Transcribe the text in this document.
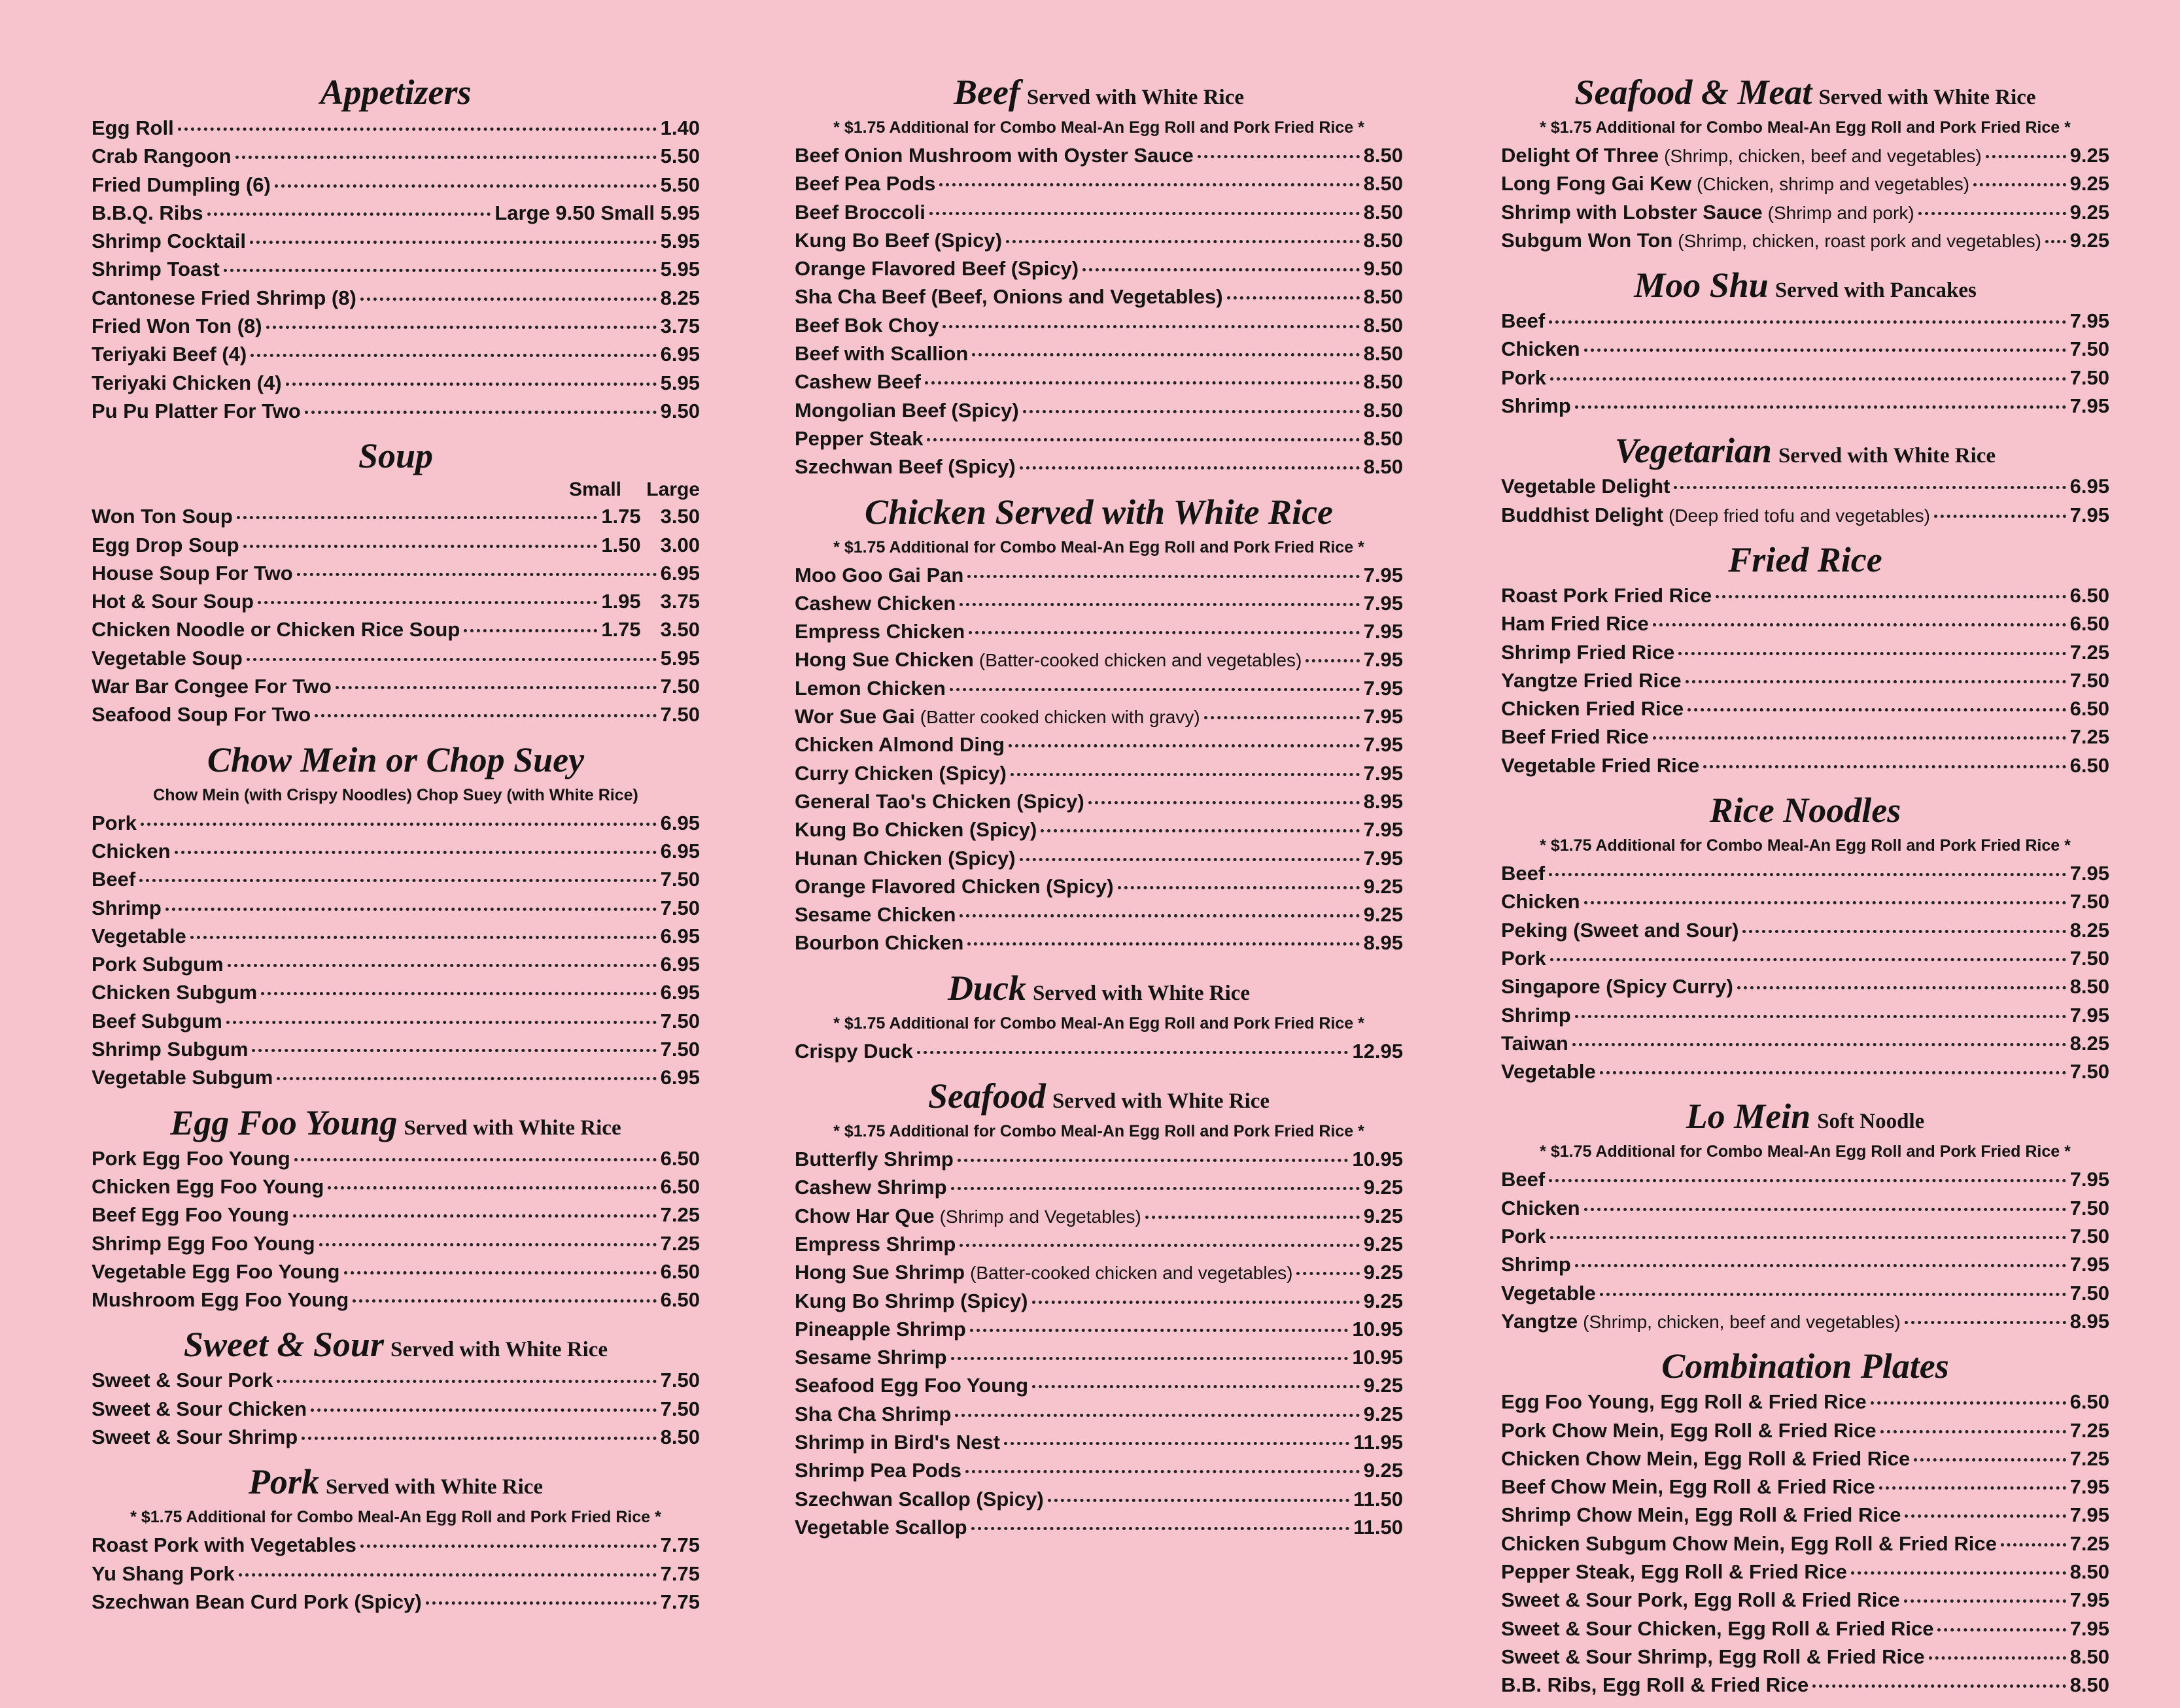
Appetizers
Egg Roll	1.40
Crab Rangoon	5.50
Fried Dumpling (6)	5.50
B.B.Q. Ribs	Large 9.50 Small 5.95
Shrimp Cocktail	5.95
Shrimp Toast	5.95
Cantonese Fried Shrimp (8)	8.25
Fried Won Ton (8)	3.75
Teriyaki Beef (4)	6.95
Teriyaki Chicken (4)	5.95
Pu Pu Platter For Two	9.50
Soup
Small	Large
Won Ton Soup	1.75 3.50
Egg Drop Soup	1.50 3.00
House Soup For Two	6.95
Hot & Sour Soup	1.95 3.75
Chicken Noodle or Chicken Rice Soup	1.75 3.50
Vegetable Soup	5.95
War Bar Congee For Two	7.50
Seafood Soup For Two	7.50
Chow Mein or Chop Suey
Chow Mein (with Crispy Noodles) Chop Suey (with White Rice)
Pork	6.95
Chicken	6.95
Beef	7.50
Shrimp	7.50
Vegetable	6.95
Pork Subgum	6.95
Chicken Subgum	6.95
Beef Subgum	7.50
Shrimp Subgum	7.50
Vegetable Subgum	6.95
Egg Foo Young Served with White Rice
Pork Egg Foo Young	6.50
Chicken Egg Foo Young	6.50
Beef Egg Foo Young	7.25
Shrimp Egg Foo Young	7.25
Vegetable Egg Foo Young	6.50
Mushroom Egg Foo Young	6.50
Sweet & Sour Served with White Rice
Sweet & Sour Pork	7.50
Sweet & Sour Chicken	7.50
Sweet & Sour Shrimp	8.50
Pork Served with White Rice
* $1.75 Additional for Combo Meal-An Egg Roll and Pork Fried Rice *
Roast Pork with Vegetables	7.75
Yu Shang Pork	7.75
Szechwan Bean Curd Pork (Spicy)	7.75
Beef Served with White Rice
* $1.75 Additional for Combo Meal-An Egg Roll and Pork Fried Rice *
Beef Onion Mushroom with Oyster Sauce	8.50
Beef Pea Pods	8.50
Beef Broccoli	8.50
Kung Bo Beef (Spicy)	8.50
Orange Flavored Beef (Spicy)	9.50
Sha Cha Beef (Beef, Onions and Vegetables)	8.50
Beef Bok Choy	8.50
Beef with Scallion	8.50
Cashew Beef	8.50
Mongolian Beef (Spicy)	8.50
Pepper Steak	8.50
Szechwan Beef (Spicy)	8.50
Chicken Served with White Rice
* $1.75 Additional for Combo Meal-An Egg Roll and Pork Fried Rice *
Moo Goo Gai Pan	7.95
Cashew Chicken	7.95
Empress Chicken	7.95
Hong Sue Chicken (Batter-cooked chicken and vegetables)	7.95
Lemon Chicken	7.95
Wor Sue Gai (Batter cooked chicken with gravy)	7.95
Chicken Almond Ding	7.95
Curry Chicken (Spicy)	7.95
General Tao's Chicken (Spicy)	8.95
Kung Bo Chicken (Spicy)	7.95
Hunan Chicken (Spicy)	7.95
Orange Flavored Chicken (Spicy)	9.25
Sesame Chicken	9.25
Bourbon Chicken	8.95
Duck Served with White Rice
* $1.75 Additional for Combo Meal-An Egg Roll and Pork Fried Rice *
Crispy Duck	12.95
Seafood Served with White Rice
* $1.75 Additional for Combo Meal-An Egg Roll and Pork Fried Rice *
Butterfly Shrimp	10.95
Cashew Shrimp	9.25
Chow Har Que (Shrimp and Vegetables)	9.25
Empress Shrimp	9.25
Hong Sue Shrimp (Batter-cooked chicken and vegetables)	9.25
Kung Bo Shrimp (Spicy)	9.25
Pineapple Shrimp	10.95
Sesame Shrimp	10.95
Seafood Egg Foo Young	9.25
Sha Cha Shrimp	9.25
Shrimp in Bird's Nest	11.95
Shrimp Pea Pods	9.25
Szechwan Scallop (Spicy)	11.50
Vegetable Scallop	11.50
Seafood & Meat Served with White Rice
* $1.75 Additional for Combo Meal-An Egg Roll and Pork Fried Rice *
Delight Of Three (Shrimp, chicken, beef and vegetables)	9.25
Long Fong Gai Kew (Chicken, shrimp and vegetables)	9.25
Shrimp with Lobster Sauce (Shrimp and pork)	9.25
Subgum Won Ton (Shrimp, chicken, roast pork and vegetables) 9.25
Moo Shu Served with Pancakes
Beef	7.95
Chicken	7.50
Pork	7.50
Shrimp	7.95
Vegetarian Served with White Rice
Vegetable Delight	6.95
Buddhist Delight (Deep fried tofu and vegetables)	7.95
Fried Rice
Roast Pork Fried Rice	6.50
Ham Fried Rice	6.50
Shrimp Fried Rice	7.25
Yangtze Fried Rice	7.50
Chicken Fried Rice	6.50
Beef Fried Rice	7.25
Vegetable Fried Rice	6.50
Rice Noodles
* $1.75 Additional for Combo Meal-An Egg Roll and Pork Fried Rice *
Beef	7.95
Chicken	7.50
Peking (Sweet and Sour)	8.25
Pork	7.50
Singapore (Spicy Curry)	8.50
Shrimp	7.95
Taiwan	8.25
Vegetable	7.50
Lo Mein Soft Noodle
* $1.75 Additional for Combo Meal-An Egg Roll and Pork Fried Rice *
Beef	7.95
Chicken	7.50
Pork	7.50
Shrimp	7.95
Vegetable	7.50
Yangtze (Shrimp, chicken, beef and vegetables)	8.95
Combination Plates
Egg Foo Young, Egg Roll & Fried Rice	6.50
Pork Chow Mein, Egg Roll & Fried Rice	7.25
Chicken Chow Mein, Egg Roll & Fried Rice	7.25
Beef Chow Mein, Egg Roll & Fried Rice	7.95
Shrimp Chow Mein, Egg Roll & Fried Rice	7.95
Chicken Subgum Chow Mein, Egg Roll & Fried Rice	7.25
Pepper Steak, Egg Roll & Fried Rice	8.50
Sweet & Sour Pork, Egg Roll & Fried Rice	7.95
Sweet & Sour Chicken, Egg Roll & Fried Rice	7.95
Sweet & Sour Shrimp, Egg Roll & Fried Rice	8.50
B.B. Ribs, Egg Roll & Fried Rice	8.50
